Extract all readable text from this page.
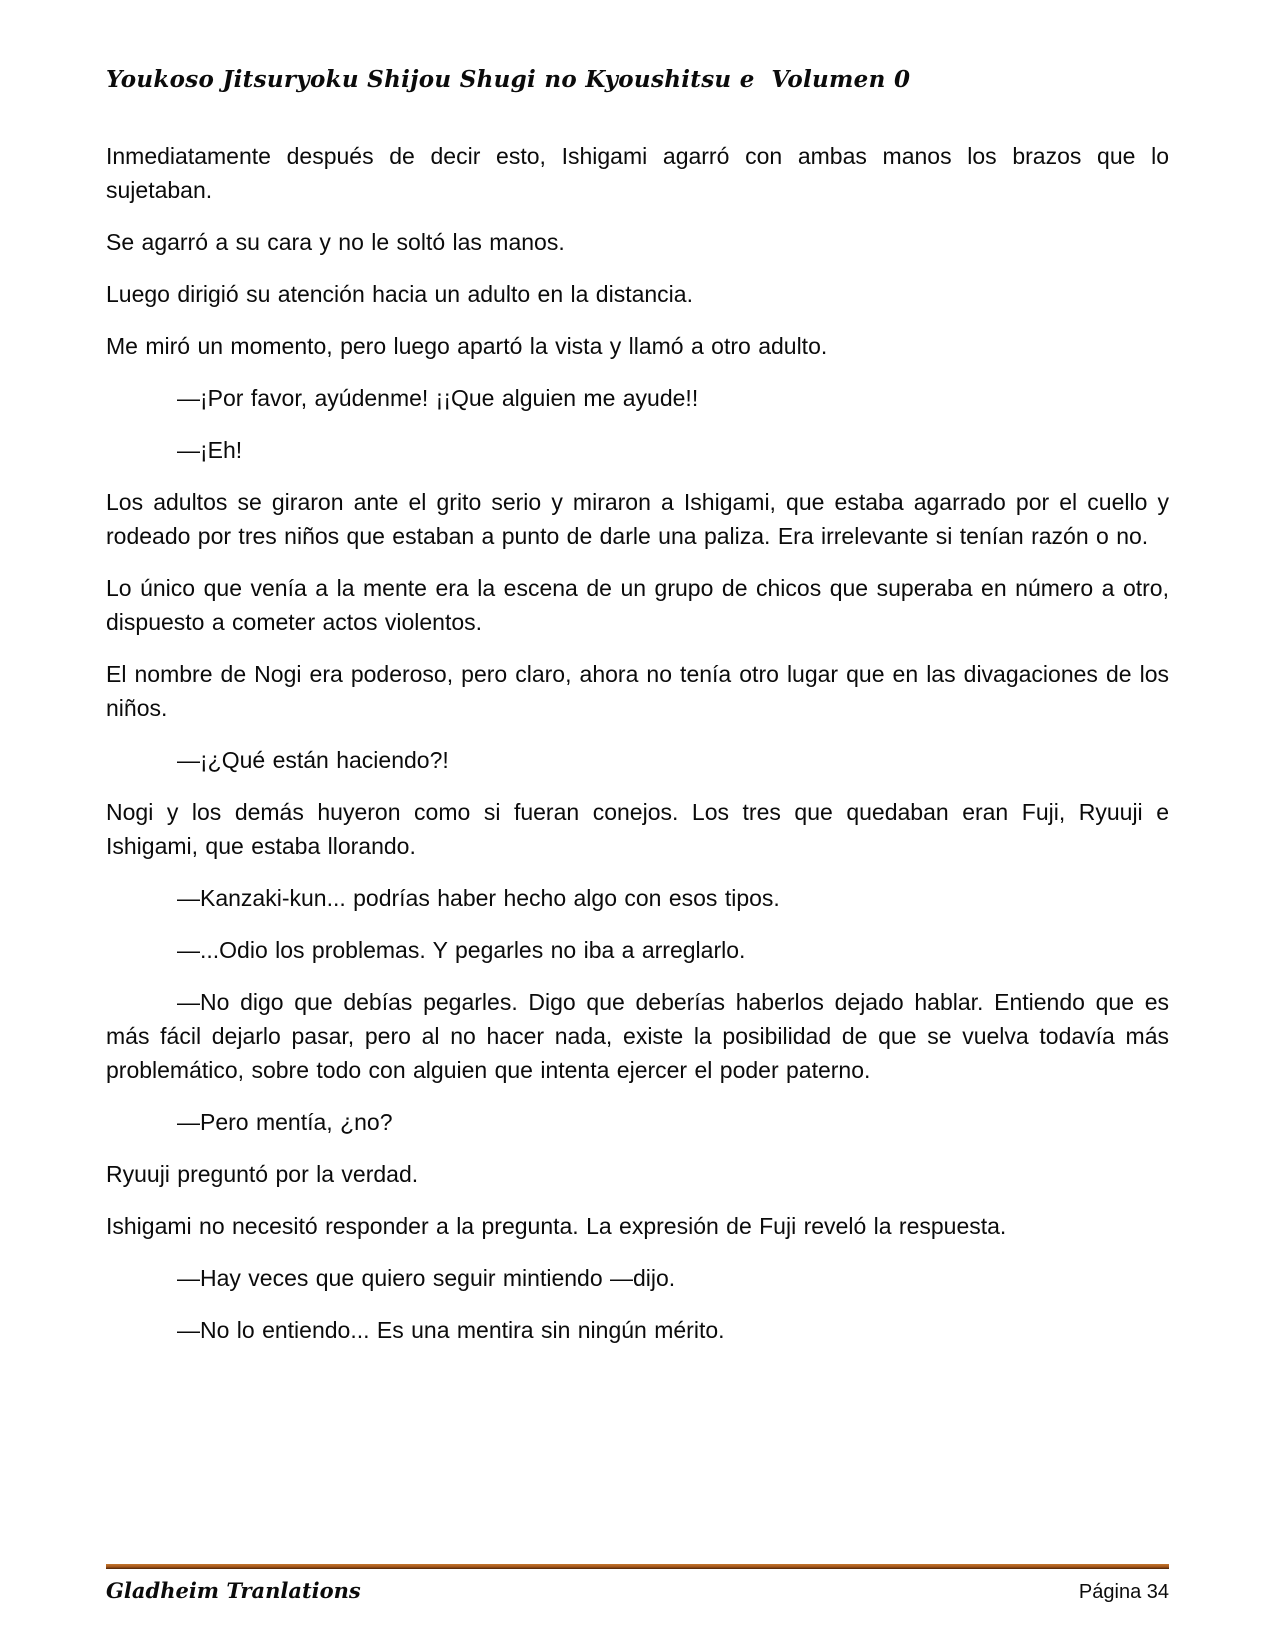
Youkoso Jitsuryoku Shijou Shugi no Kyoushitsu e  Volumen 0

Inmediatamente después de decir esto, Ishigami agarró con ambas manos los brazos que lo sujetaban.

Se agarró a su cara y no le soltó las manos.

Luego dirigió su atención hacia un adulto en la distancia.

Me miró un momento, pero luego apartó la vista y llamó a otro adulto.

—¡Por favor, ayúdenme! ¡¡Que alguien me ayude!!

—¡Eh!

Los adultos se giraron ante el grito serio y miraron a Ishigami, que estaba agarrado por el cuello y rodeado por tres niños que estaban a punto de darle una paliza. Era irrelevante si tenían razón o no.

Lo único que venía a la mente era la escena de un grupo de chicos que superaba en número a otro, dispuesto a cometer actos violentos.

El nombre de Nogi era poderoso, pero claro, ahora no tenía otro lugar que en las divagaciones de los niños.

—¡¿Qué están haciendo?!

Nogi y los demás huyeron como si fueran conejos. Los tres que quedaban eran Fuji, Ryuuji e Ishigami, que estaba llorando.

—Kanzaki-kun... podrías haber hecho algo con esos tipos.

—...Odio los problemas. Y pegarles no iba a arreglarlo.

—No digo que debías pegarles. Digo que deberías haberlos dejado hablar. Entiendo que es más fácil dejarlo pasar, pero al no hacer nada, existe la posibilidad de que se vuelva todavía más problemático, sobre todo con alguien que intenta ejercer el poder paterno.

—Pero mentía, ¿no?

Ryuuji preguntó por la verdad.

Ishigami no necesitó responder a la pregunta. La expresión de Fuji reveló la respuesta.

—Hay veces que quiero seguir mintiendo —dijo.

—No lo entiendo... Es una mentira sin ningún mérito.

Gladheim Tranlations	Página 34
